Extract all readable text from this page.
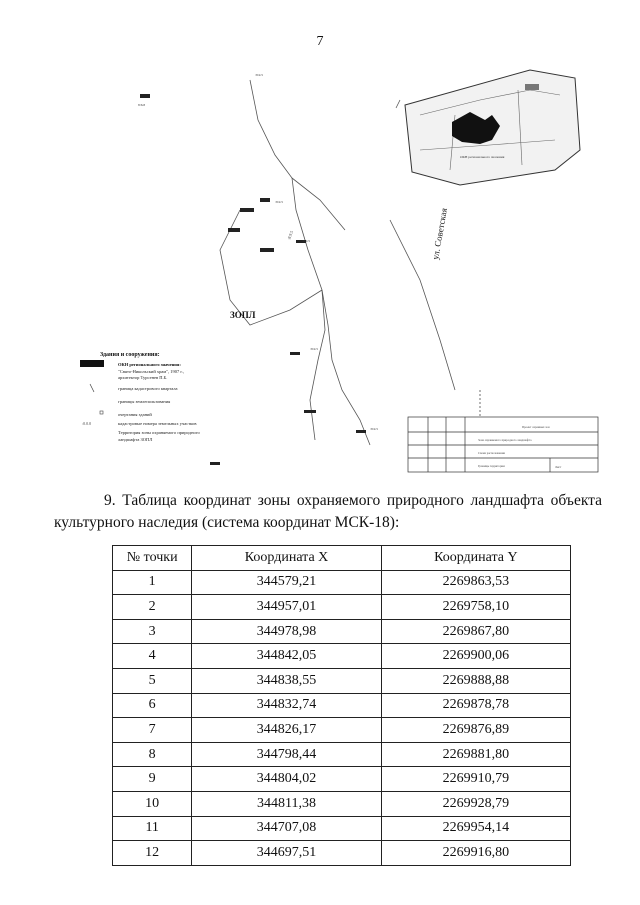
7
:8.9.5
8:6.8
:8.9.5
:8.9.5
:8.9.5
:8.9.5
:8.9.5	ул. Советская
ЗОПЛ
ОКН регионального значения
Проект охранных зон
Зона охраняемого природного ландшафта
Схема расположения
Границы территории	Лист
Здания и сооружения:
ОКН регионального значения:
"Свято-Никольский храм", 1907 г.,
архитектор Турсенев П.Б.
граница кадастрового квартала
границы землепользования
очертания зданий
:0.0.0	кадастровые номера земельных участков
Территория зоны охраняемого природного
ландшафта ЗОПЛ
9. Таблица координат зоны охраняемого природного ландшафта объекта культурного наследия (система координат МСК-18):
№ точки	Координата X	Координата Y
1	344579,21	2269863,53
2	344957,01	2269758,10
3	344978,98	2269867,80
4	344842,05	2269900,06
5	344838,55	2269888,88
6	344832,74	2269878,78
7	344826,17	2269876,89
8	344798,44	2269881,80
9	344804,02	2269910,79
10	344811,38	2269928,79
11	344707,08	2269954,14
12	344697,51	2269916,80
